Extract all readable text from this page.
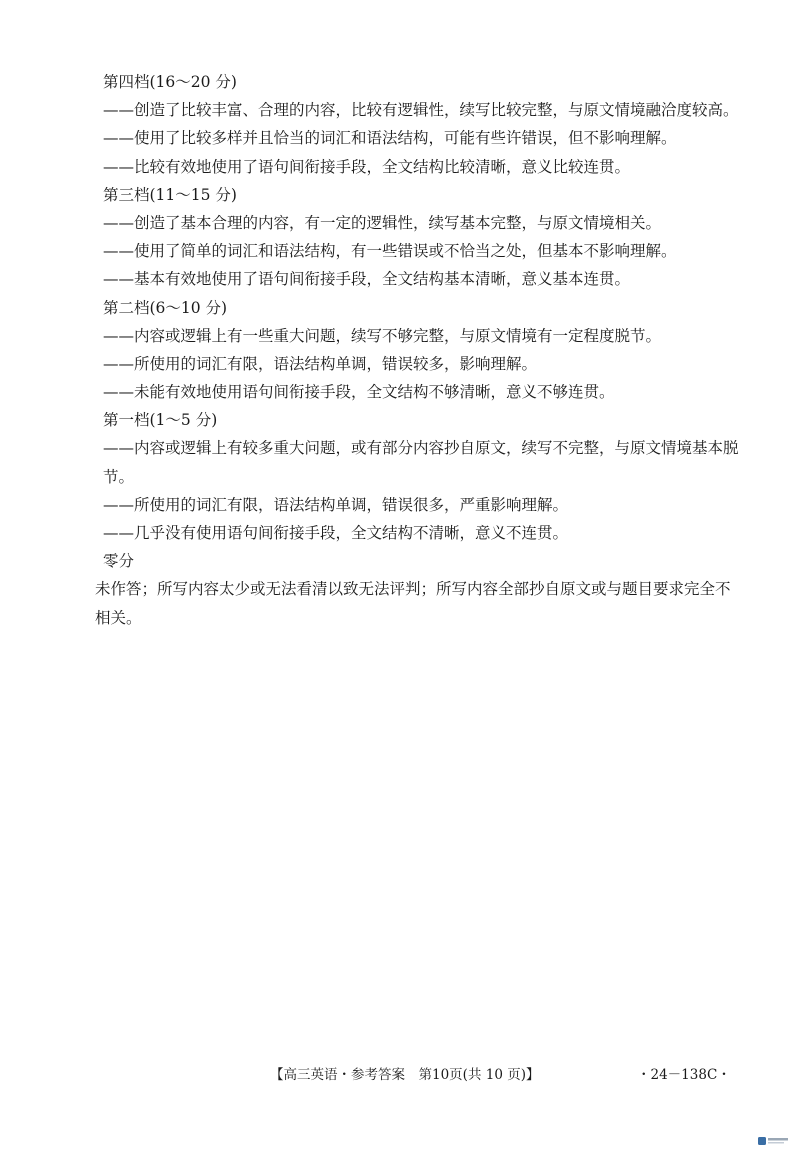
第四档(16～20 分)
——创造了比较丰富、合理的内容，比较有逻辑性，续写比较完整，与原文情境融洽度较高。
——使用了比较多样并且恰当的词汇和语法结构，可能有些许错误，但不影响理解。
——比较有效地使用了语句间衔接手段，全文结构比较清晰，意义比较连贯。
第三档(11～15 分)
——创造了基本合理的内容，有一定的逻辑性，续写基本完整，与原文情境相关。
——使用了简单的词汇和语法结构，有一些错误或不恰当之处，但基本不影响理解。
——基本有效地使用了语句间衔接手段，全文结构基本清晰，意义基本连贯。
第二档(6～10 分)
——内容或逻辑上有一些重大问题，续写不够完整，与原文情境有一定程度脱节。
——所使用的词汇有限，语法结构单调，错误较多，影响理解。
——未能有效地使用语句间衔接手段，全文结构不够清晰，意义不够连贯。
第一档(1～5 分)
——内容或逻辑上有较多重大问题，或有部分内容抄自原文，续写不完整，与原文情境基本脱节。
——所使用的词汇有限，语法结构单调，错误很多，严重影响理解。
——几乎没有使用语句间衔接手段，全文结构不清晰，意义不连贯。
零分
未作答；所写内容太少或无法看清以致无法评判；所写内容全部抄自原文或与题目要求完全不相关。
【高三英语・参考答案　第10页(共 10 页)】	・24－138C・
